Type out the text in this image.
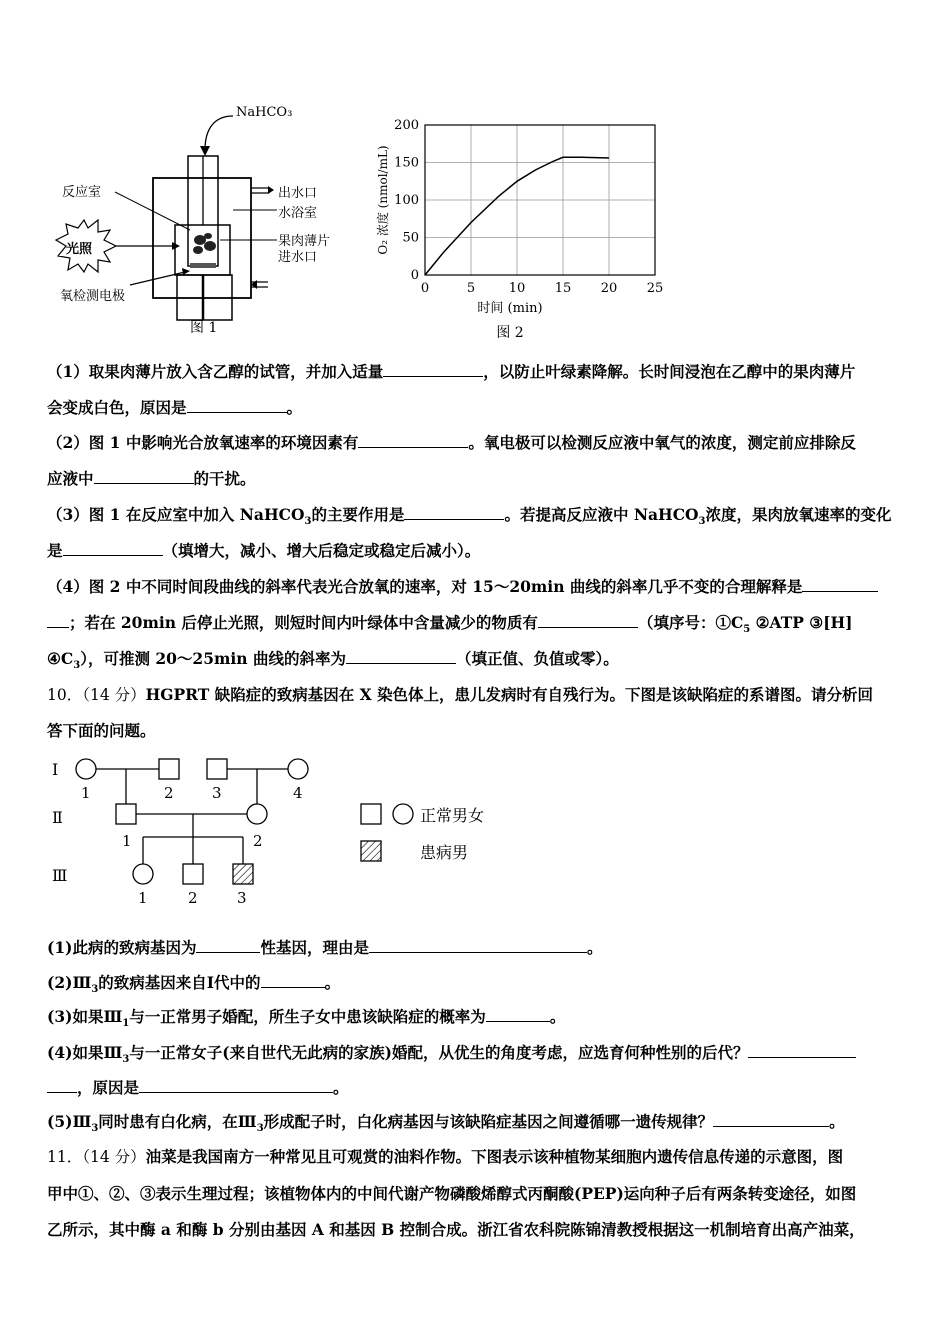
NaHCO₃
反应室
光照
氧检测电极
出水口
水浴室
果肉薄片
进水口
图 1
0	5	10 15 20 25
0
50
100
150
200
时间 (min)
O₂ 浓度 (nmol/mL)
图 2
（1）取果肉薄片放入含乙醇的试管，并加入适量	，以防止叶绿素降解。长时间浸泡在乙醇中的果肉薄片
会变成白色，原因是	。
（2）图 1 中影响光合放氧速率的环境因素有	。氧电极可以检测反应液中氧气的浓度，测定前应排除反
应液中	的干扰。
（3）图 1 在反应室中加入 NaHCO$_3$的主要作用是	。若提高反应液中 NaHCO$_3$浓度，果肉放氧速率的变化
是	（填增大，减小、增大后稳定或稳定后减小）。
（4）图 2 中不同时间段曲线的斜率代表光合放氧的速率，对 15～20min 曲线的斜率几乎不变的合理解释是
；若在 20min 后停止光照，则短时间内叶绿体中含量减少的物质有	（填序号：$①C_5$ ②ATP ③[H]
$④C_3$），可推测 20～25min 曲线的斜率为	（填正值、负值或零）。
10．（14 分）HGPRT 缺陷症的致病基因在 X 染色体上，患儿发病时有自残行为。下图是该缺陷症的系谱图。请分析回
答下面的问题。
Ⅰ
Ⅱ
Ⅲ
1	2	3	4
1	2
1	2	3
正常男女
患病男
(1)此病的致病基因为	性基因，理由是	。
$(2)Ⅲ_3$的致病基因来自Ⅰ代中的	。
(3)如果$Ⅲ_1$与一正常男子婚配，所生子女中患该缺陷症的概率为	。
(4)如果$Ⅲ_3$与一正常女子(来自世代无此病的家族)婚配，从优生的角度考虑，应选育何种性别的后代？
，原因是	。
$(5)Ⅲ_3$同时患有白化病，在$Ⅲ_3$形成配子时，白化病基因与该缺陷症基因之间遵循哪一遗传规律？	。
11．（14 分）油菜是我国南方一种常见且可观赏的油料作物。下图表示该种植物某细胞内遗传信息传递的示意图，图
甲中①、②、③表示生理过程；该植物体内的中间代谢产物磷酸烯醇式丙酮酸(PEP)运向种子后有两条转变途径，如图
乙所示，其中酶 a 和酶 b 分别由基因 A 和基因 B 控制合成。浙江省农科院陈锦清教授根据这一机制培育出高产油菜，
